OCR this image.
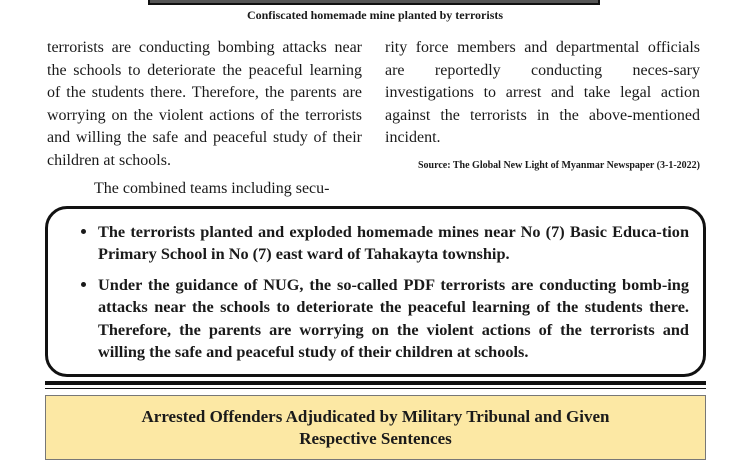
Confiscated homemade mine planted by terrorists

terrorists are conducting bombing attacks near the schools to deteriorate the peaceful learning of the students there. Therefore, the parents are worrying on the violent actions of the terrorists and willing the safe and peaceful study of their children at schools.

The combined teams including secu-

rity force members and departmental officials are reportedly conducting neces-sary investigations to arrest and take legal action against the terrorists in the above-mentioned incident.

Source: The Global New Light of Myanmar Newspaper (3-1-2022)

• The terrorists planted and exploded homemade mines near No (7) Basic Educa-tion Primary School in No (7) east ward of Tahakayta township.
• Under the guidance of NUG, the so-called PDF terrorists are conducting bomb-ing attacks near the schools to deteriorate the peaceful learning of the students there. Therefore, the parents are worrying on the violent actions of the terrorists and willing the safe and peaceful study of their children at schools.
Arrested Offenders Adjudicated by Military Tribunal and Given Respective Sentences
